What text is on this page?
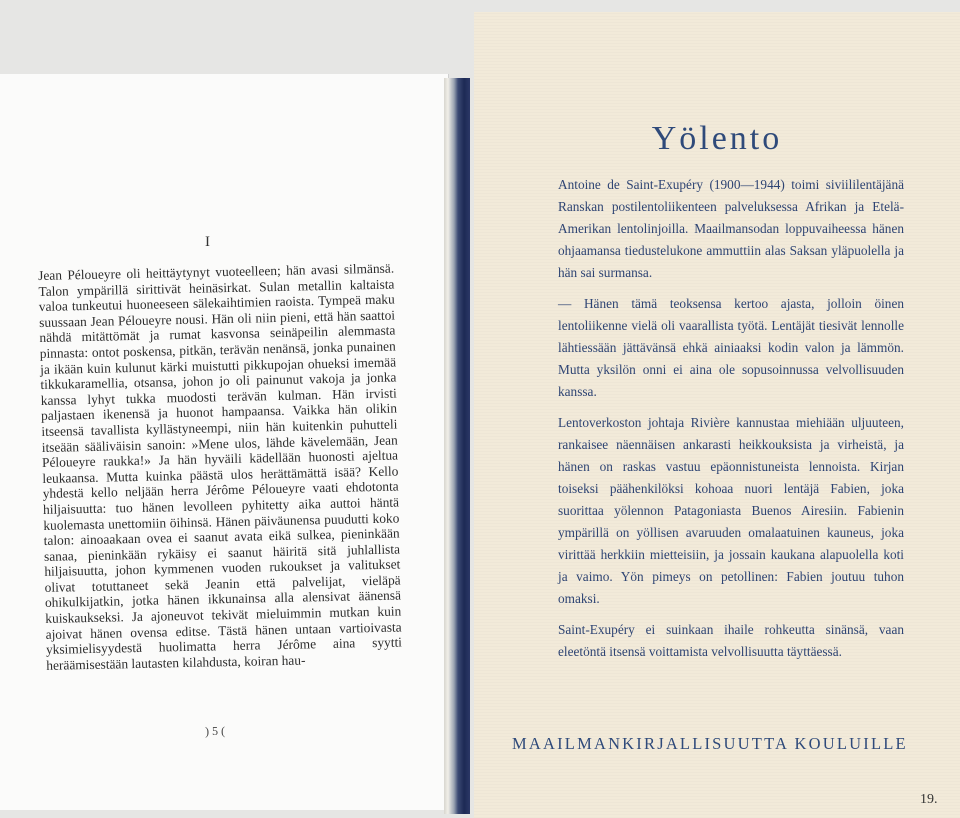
I

Jean Péloueyre oli heittäytynyt vuoteelleen; hän avasi silmänsä. Talon ympärillä sirittivät heinäsirkat. Sulan metallin kaltaista valoa tunkeutui huoneeseen sälekaihtimien raoista. Tympeä maku suussaan Jean Péloueyre nousi. Hän oli niin pieni, että hän saattoi nähdä mitättömät ja rumat kasvonsa seinäpeilin alemmasta pinnasta: ontot poskensa, pitkän, terävän nenänsä, jonka punainen ja ikään kuin kulunut kärki muistutti pikkupojan ohueksi imemää tikkukaramellia, otsansa, johon jo oli painunut vakoja ja jonka kanssa lyhyt tukka muodosti terävän kulman. Hän irvisti paljastaen ikenensä ja huonot hampaansa. Vaikka hän olikin itseensä tavallista kyllästyneempi, niin hän kuitenkin puhutteli itseään sääliväisin sanoin: »Mene ulos, lähde kävelemään, Jean Péloueyre raukka!» Ja hän hyväili kädellään huonosti ajeltua leukaansa. Mutta kuinka päästä ulos herättämättä isää? Kello yhdestä kello neljään herra Jérôme Péloueyre vaati ehdotonta hiljaisuutta: tuo hänen levolleen pyhitetty aika auttoi häntä kuolemasta unettomiin öihinsä. Hänen päiväunensa puudutti koko talon: ainoaakaan ovea ei saanut avata eikä sulkea, pieninkään sanaa, pieninkään rykäisy ei saanut häiritä sitä juhlallista hiljaisuutta, johon kymmenen vuoden rukoukset ja valitukset olivat totuttaneet sekä Jeanin että palvelijat, vieläpä ohikulkijatkin, jotka hänen ikkunainsa alla alensivat äänensä kuiskaukseksi. Ja ajoneuvot tekivät mieluimmin mutkan kuin ajoivat hänen ovensa editse. Tästä hänen untaan vartioivasta yksimielisyydestä huolimatta herra Jérôme aina syytti heräämisestään lautasten kilahdusta, koiran hau-

) 5 (
Yölento

Antoine de Saint-Exupéry (1900—1944) toimi siviililentäjänä Ranskan postilentoliikenteen palveluksessa Afrikan ja Etelä-Amerikan lentolinjoilla. Maailmansodan loppuvaiheessa hänen ohjaamansa tiedustelukone ammuttiin alas Saksan yläpuolella ja hän sai surmansa.

— Hänen tämä teoksensa kertoo ajasta, jolloin öinen lentoliikenne vielä oli vaarallista työtä. Lentäjät tiesivät lennolle lähtiessään jättävänsä ehkä ainiaaksi kodin valon ja lämmön. Mutta yksilön onni ei aina ole sopusoinnussa velvollisuuden kanssa.

Lentoverkoston johtaja Rivière kannustaa miehiään uljuuteen, rankaisee näennäisen ankarasti heikkouksista ja virheistä, ja hänen on raskas vastuu epäonnistuneista lennoista. Kirjan toiseksi päähenkilöksi kohoaa nuori lentäjä Fabien, joka suorittaa yölennon Patagoniasta Buenos Airesiin. Fabienin ympärillä on yöllisen avaruuden omalaatuinen kauneus, joka virittää herkkiin mietteisiin, ja jossain kaukana alapuolella koti ja vaimo. Yön pimeys on petollinen: Fabien joutuu tuhon omaksi.

Saint-Exupéry ei suinkaan ihaile rohkeutta sinänsä, vaan eleetöntä itsensä voittamista velvollisuutta täyttäessä.

MAAILMANKIRJALLISUUTTA KOULUILLE
19.
